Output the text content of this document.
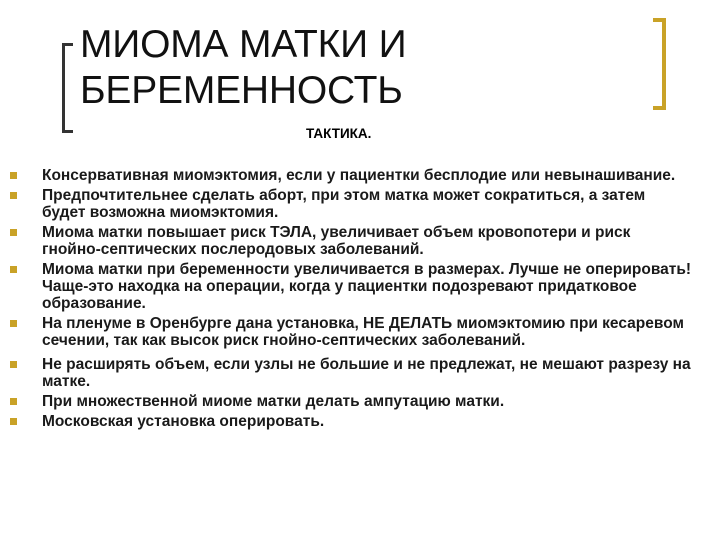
МИОМА МАТКИ И
БЕРЕМЕННОСТЬ

ТАКТИКА.

Консервативная миомэктомия, если у пациентки бесплодие или невынашивание.
Предпочтительнее сделать аборт, при этом матка может сократиться, а затем будет возможна миомэктомия.
Миома матки повышает риск ТЭЛА, увеличивает объем кровопотери и риск гнойно-септических послеродовых заболеваний.
Миома матки при беременности увеличивается в размерах. Лучше не оперировать! Чаще-это находка на операции, когда у пациентки подозревают придатковое образование.
На пленуме в Оренбурге дана установка, НЕ ДЕЛАТЬ миомэктомию при кесаревом сечении, так как высок риск гнойно-септических заболеваний.
Не расширять объем, если узлы не большие и не предлежат, не мешают разрезу на матке.
При множественной миоме матки делать ампутацию матки.
Московская установка оперировать.
